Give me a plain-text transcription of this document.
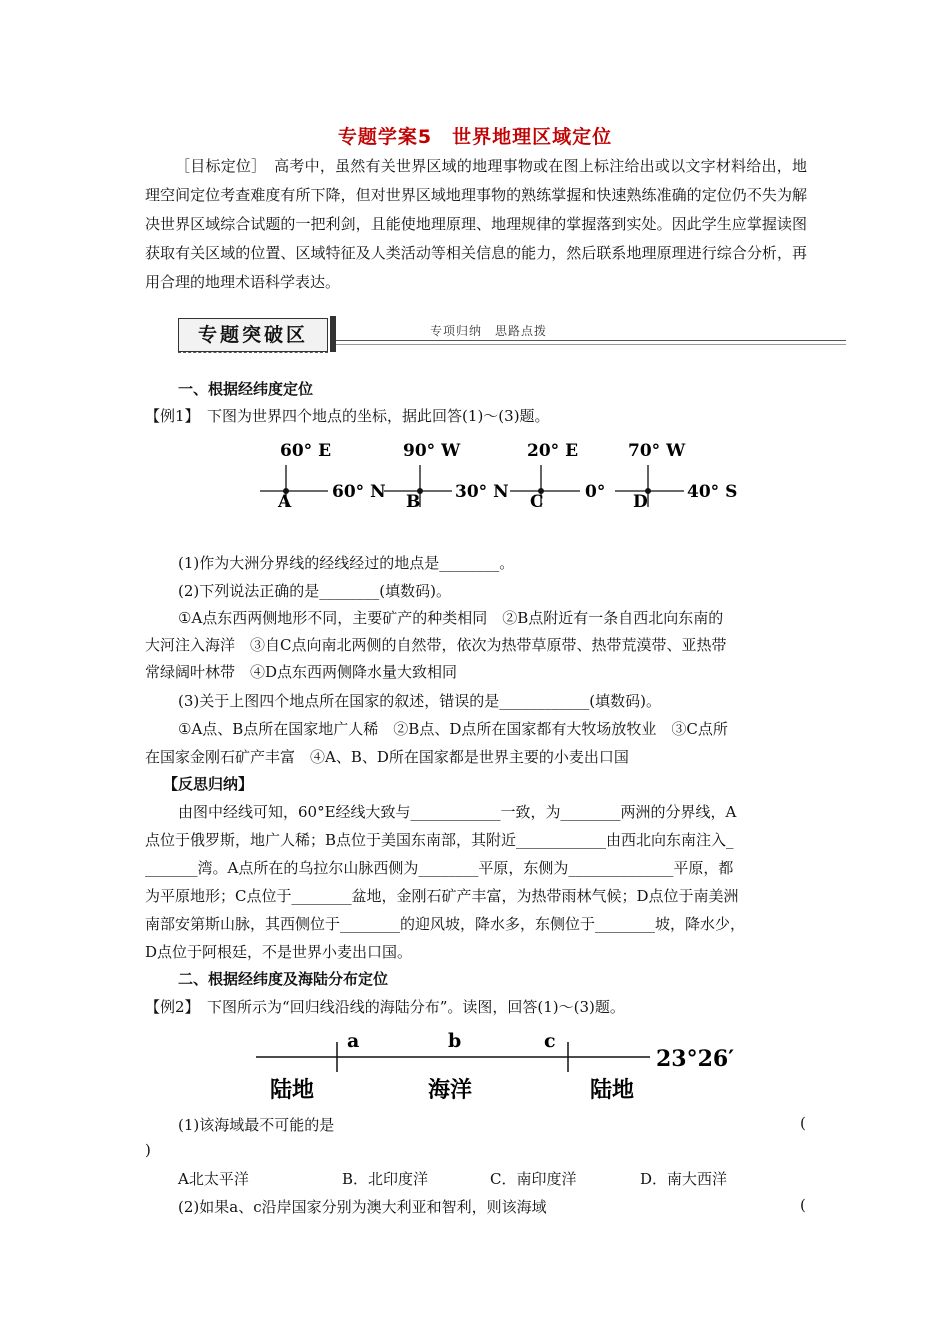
专题学案5　世界地理区域定位
［目标定位］　高考中，虽然有关世界区域的地理事物或在图上标注给出或以文字材料给出，地理空间定位考查难度有所下降，但对世界区域地理事物的熟练掌握和快速熟练准确的定位仍不失为解决世界区域综合试题的一把利剑，且能使地理原理、地理规律的掌握落到实处。因此学生应掌握读图获取有关区域的位置、区域特征及人类活动等相关信息的能力，然后联系地理原理进行综合分析，再用合理的地理术语科学表达。
专题突破区	专项归纳　思路点拨
一、根据经纬度定位
【例1】　下图为世界四个地点的坐标，据此回答(1)～(3)题。
60° E
A 60° N
90° W
B 30° N
20° E
C 0°
70° W
D 40° S
(1)作为大洲分界线的经线经过的地点是________。
(2)下列说法正确的是________(填数码)。
①A点东西两侧地形不同，主要矿产的种类相同　②B点附近有一条自西北向东南的
大河注入海洋　③自C点向南北两侧的自然带，依次为热带草原带、热带荒漠带、亚热带
常绿阔叶林带　④D点东西两侧降水量大致相同
(3)关于上图四个地点所在国家的叙述，错误的是____________(填数码)。
①A点、B点所在国家地广人稀　②B点、D点所在国家都有大牧场放牧业　③C点所
在国家金刚石矿产丰富　④A、B、D所在国家都是世界主要的小麦出口国
【反思归纳】
由图中经线可知，60°E经线大致与____________一致，为________两洲的分界线，A
点位于俄罗斯，地广人稀；B点位于美国东南部，其附近____________由西北向东南注入_
_______湾。A点所在的乌拉尔山脉西侧为________平原，东侧为______________平原，都
为平原地形；C点位于________盆地，金刚石矿产丰富，为热带雨林气候；D点位于南美洲
南部安第斯山脉，其西侧位于________的迎风坡，降水多，东侧位于________坡，降水少，
D点位于阿根廷，不是世界小麦出口国。
二、根据经纬度及海陆分布定位
【例2】　下图所示为“回归线沿线的海陆分布”。读图，回答(1)～(3)题。
a	b	c
23°26′
陆地	海洋	陆地
(1)该海域最不可能的是	(
)
A北太平洋	B．北印度洋	C．南印度洋	D．南大西洋
(2)如果a、c沿岸国家分别为澳大利亚和智利，则该海域	(
